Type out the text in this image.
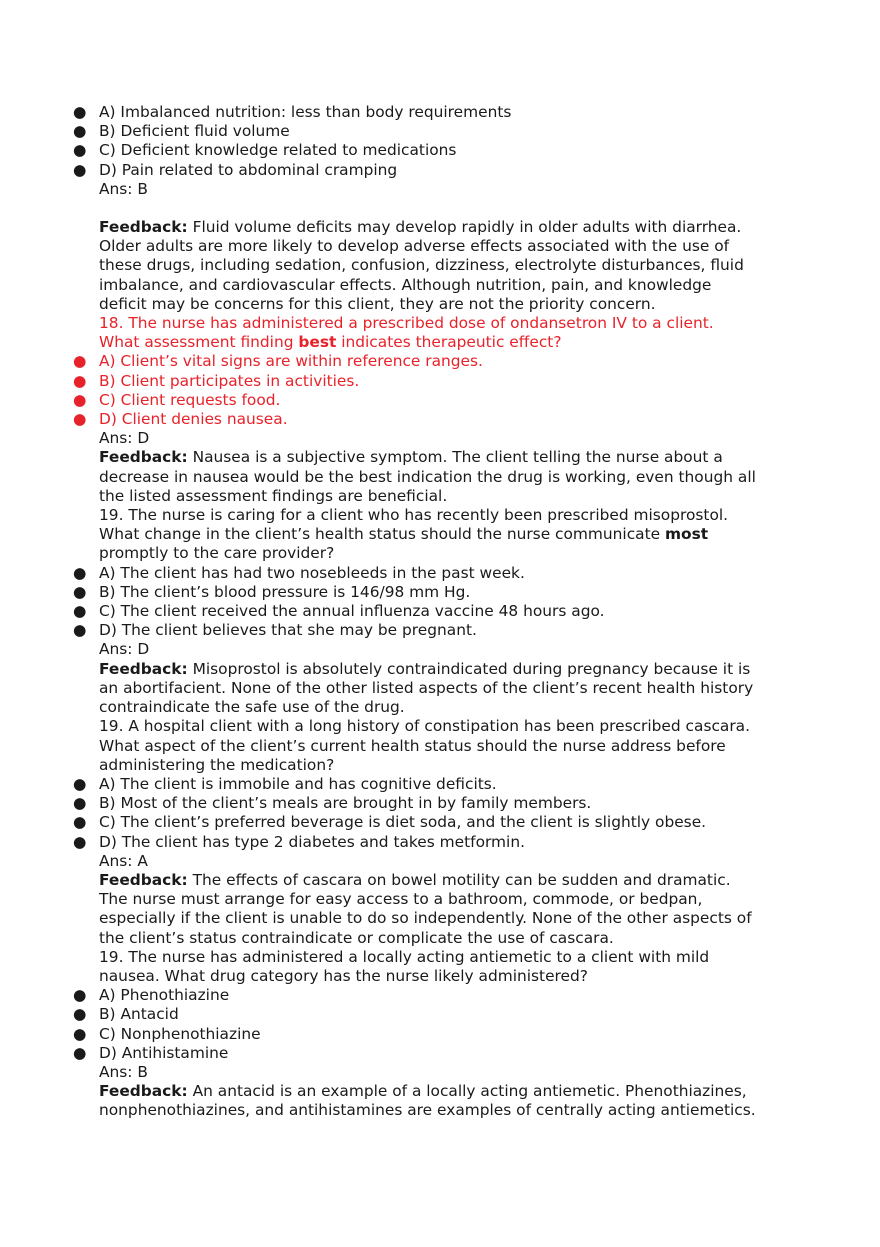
● A) Imbalanced nutrition: less than body requirements
● B) Deficient fluid volume
● C) Deficient knowledge related to medications
● D) Pain related to abdominal cramping
Ans: B
Feedback: Fluid volume deficits may develop rapidly in older adults with diarrhea.
Older adults are more likely to develop adverse effects associated with the use of
these drugs, including sedation, confusion, dizziness, electrolyte disturbances, fluid
imbalance, and cardiovascular effects. Although nutrition, pain, and knowledge
deficit may be concerns for this client, they are not the priority concern.
18. The nurse has administered a prescribed dose of ondansetron IV to a client.
What assessment finding best indicates therapeutic effect?
● A) Client’s vital signs are within reference ranges.
● B) Client participates in activities.
● C) Client requests food.
● D) Client denies nausea.
Ans: D
Feedback: Nausea is a subjective symptom. The client telling the nurse about a
decrease in nausea would be the best indication the drug is working, even though all
the listed assessment findings are beneficial.
19. The nurse is caring for a client who has recently been prescribed misoprostol.
What change in the client’s health status should the nurse communicate most
promptly to the care provider?
● A) The client has had two nosebleeds in the past week.
● B) The client’s blood pressure is 146/98 mm Hg.
● C) The client received the annual influenza vaccine 48 hours ago.
● D) The client believes that she may be pregnant.
Ans: D
Feedback: Misoprostol is absolutely contraindicated during pregnancy because it is
an abortifacient. None of the other listed aspects of the client’s recent health history
contraindicate the safe use of the drug.
19. A hospital client with a long history of constipation has been prescribed cascara.
What aspect of the client’s current health status should the nurse address before
administering the medication?
● A) The client is immobile and has cognitive deficits.
● B) Most of the client’s meals are brought in by family members.
● C) The client’s preferred beverage is diet soda, and the client is slightly obese.
● D) The client has type 2 diabetes and takes metformin.
Ans: A
Feedback: The effects of cascara on bowel motility can be sudden and dramatic.
The nurse must arrange for easy access to a bathroom, commode, or bedpan,
especially if the client is unable to do so independently. None of the other aspects of
the client’s status contraindicate or complicate the use of cascara.
19. The nurse has administered a locally acting antiemetic to a client with mild
nausea. What drug category has the nurse likely administered?
● A) Phenothiazine
● B) Antacid
● C) Nonphenothiazine
● D) Antihistamine
Ans: B
Feedback: An antacid is an example of a locally acting antiemetic. Phenothiazines,
nonphenothiazines, and antihistamines are examples of centrally acting antiemetics.
